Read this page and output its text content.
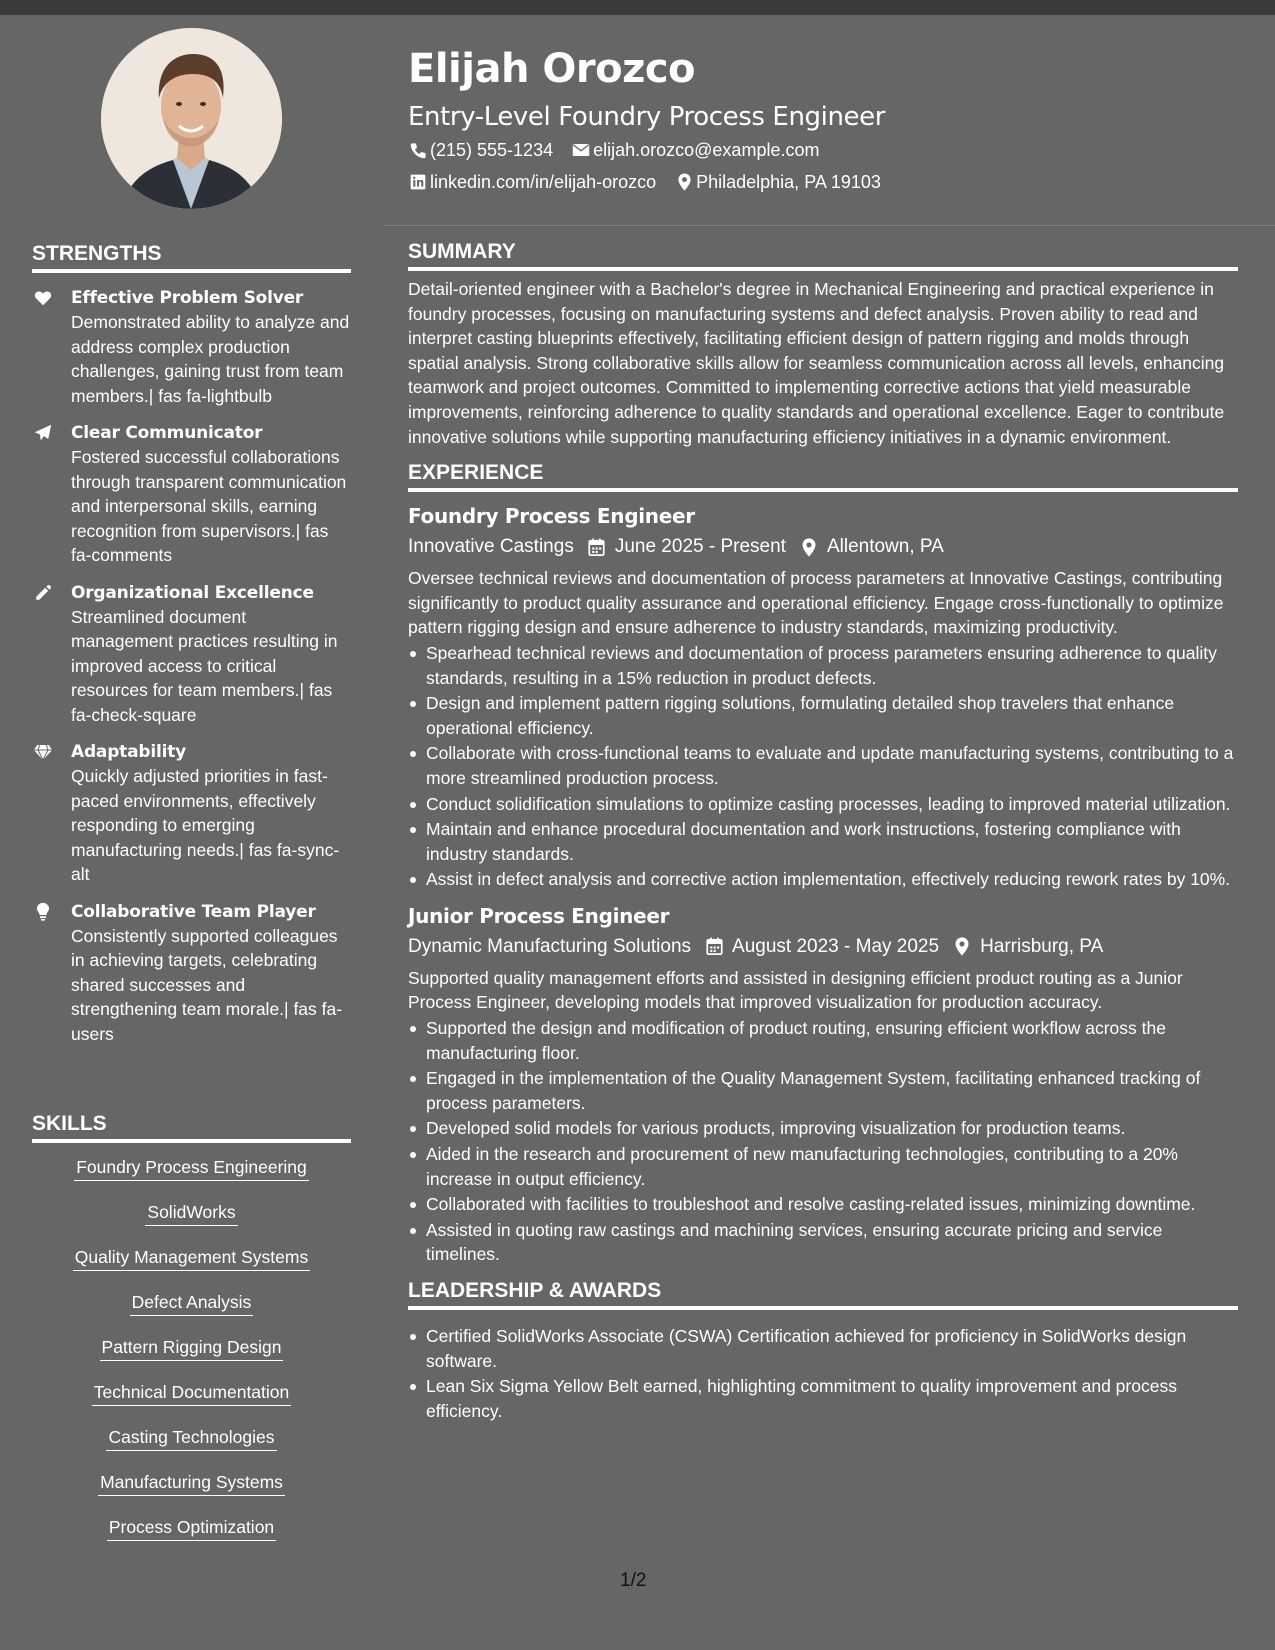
STRENGTHS
Effective Problem Solver
Demonstrated ability to analyze and address complex production challenges, gaining trust from team members.| fas fa-lightbulb
Clear Communicator
Fostered successful collaborations through transparent communication and interpersonal skills, earning recognition from supervisors.| fas fa-comments
Organizational Excellence
Streamlined document management practices resulting in improved access to critical resources for team members.| fas fa-check-square
Adaptability
Quickly adjusted priorities in fast-paced environments, effectively responding to emerging manufacturing needs.| fas fa-sync-alt
Collaborative Team Player
Consistently supported colleagues in achieving targets, celebrating shared successes and strengthening team morale.| fas fa-users
SKILLS
Foundry Process Engineering
SolidWorks
Quality Management Systems
Defect Analysis
Pattern Rigging Design
Technical Documentation
Casting Technologies
Manufacturing Systems
Process Optimization
Elijah Orozco
Entry-Level Foundry Process Engineer
(215) 555-1234 elijah.orozco@example.com
linkedin.com/in/elijah-orozco Philadelphia, PA 19103
SUMMARY
Detail-oriented engineer with a Bachelor's degree in Mechanical Engineering and practical experience in foundry processes, focusing on manufacturing systems and defect analysis. Proven ability to read and interpret casting blueprints effectively, facilitating efficient design of pattern rigging and molds through spatial analysis. Strong collaborative skills allow for seamless communication across all levels, enhancing teamwork and project outcomes. Committed to implementing corrective actions that yield measurable improvements, reinforcing adherence to quality standards and operational excellence. Eager to contribute innovative solutions while supporting manufacturing efficiency initiatives in a dynamic environment.
EXPERIENCE
Foundry Process Engineer
Innovative Castings June 2025 - Present Allentown, PA
Oversee technical reviews and documentation of process parameters at Innovative Castings, contributing significantly to product quality assurance and operational efficiency. Engage cross-functionally to optimize pattern rigging design and ensure adherence to industry standards, maximizing productivity.
Spearhead technical reviews and documentation of process parameters ensuring adherence to quality standards, resulting in a 15% reduction in product defects.
Design and implement pattern rigging solutions, formulating detailed shop travelers that enhance operational efficiency.
Collaborate with cross-functional teams to evaluate and update manufacturing systems, contributing to a more streamlined production process.
Conduct solidification simulations to optimize casting processes, leading to improved material utilization.
Maintain and enhance procedural documentation and work instructions, fostering compliance with industry standards.
Assist in defect analysis and corrective action implementation, effectively reducing rework rates by 10%.
Junior Process Engineer
Dynamic Manufacturing Solutions August 2023 - May 2025 Harrisburg, PA
Supported quality management efforts and assisted in designing efficient product routing as a Junior Process Engineer, developing models that improved visualization for production accuracy.
Supported the design and modification of product routing, ensuring efficient workflow across the manufacturing floor.
Engaged in the implementation of the Quality Management System, facilitating enhanced tracking of process parameters.
Developed solid models for various products, improving visualization for production teams.
Aided in the research and procurement of new manufacturing technologies, contributing to a 20% increase in output efficiency.
Collaborated with facilities to troubleshoot and resolve casting-related issues, minimizing downtime.
Assisted in quoting raw castings and machining services, ensuring accurate pricing and service timelines.
LEADERSHIP & AWARDS
Certified SolidWorks Associate (CSWA) Certification achieved for proficiency in SolidWorks design software.
Lean Six Sigma Yellow Belt earned, highlighting commitment to quality improvement and process efficiency.
1/2
